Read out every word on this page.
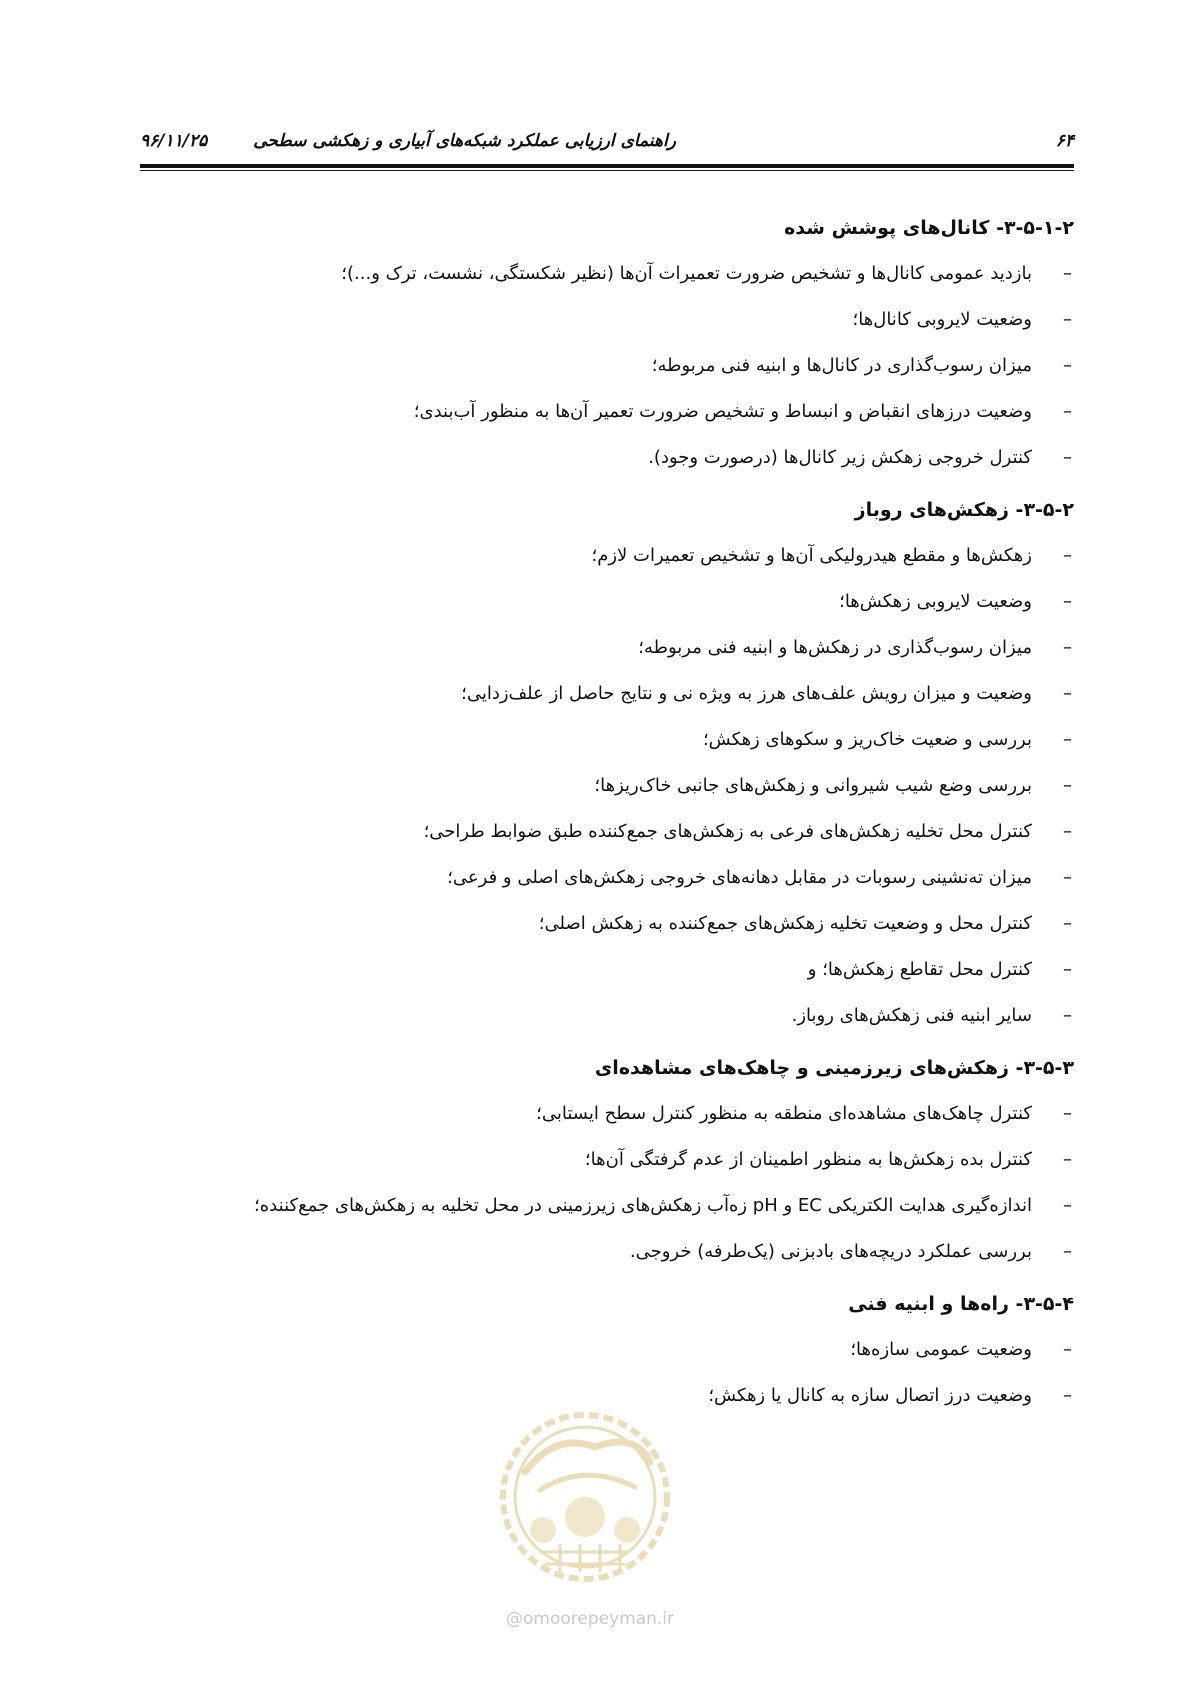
۶۴
راهنمای ارزیابی عملکرد شبکه‌های آبیاری و زهکشی سطحی
۹۶/۱۱/۲۵
۳-۵-۱-۲- کانال‌های پوشش شده
–
بازدید عمومی کانال‌ها و تشخیص ضرورت تعمیرات آن‌ها (نظیر شکستگی، نشست، ترک و...)؛
–
وضعیت لایروبی کانال‌ها؛
–
میزان رسوب‌گذاری در کانال‌ها و ابنیه فنی مربوطه؛
–
وضعیت درزهای انقباض و انبساط و تشخیص ضرورت تعمیر آن‌ها به منظور آب‌بندی؛
–
کنترل خروجی زهکش زیر کانال‌ها (درصورت وجود).
۳-۵-۲- زهکش‌های روباز
–
زهکش‌ها و مقطع هیدرولیکی آن‌ها و تشخیص تعمیرات لازم؛
–
وضعیت لایروبی زهکش‌ها؛
–
میزان رسوب‌گذاری در زهکش‌ها و ابنیه فنی مربوطه؛
–
وضعیت و میزان رویش علف‌های هرز به ویژه نی و نتایج حاصل از علف‌زدایی؛
–
بررسی و ضعیت خاک‌ریز و سکوهای زهکش؛
–
بررسی وضع شیب شیروانی و زهکش‌های جانبی خاک‌ریزها؛
–
کنترل محل تخلیه زهکش‌های فرعی به زهکش‌های جمع‌کننده طبق ضوابط طراحی؛
–
میزان ته‌نشینی رسوبات در مقابل دهانه‌های خروجی زهکش‌های اصلی و فرعی؛
–
کنترل محل و وضعیت تخلیه زهکش‌های جمع‌کننده به زهکش اصلی؛
–
کنترل محل تقاطع زهکش‌ها؛ و
–
سایر ابنیه فنی زهکش‌های روباز.
۳-۵-۳- زهکش‌های زیرزمینی و چاهک‌های مشاهده‌ای
–
کنترل چاهک‌های مشاهده‌ای منطقه به منظور کنترل سطح ایستابی؛
–
کنترل بده زهکش‌ها به منظور اطمینان از عدم گرفتگی آن‌ها؛
–
اندازه‌گیری هدایت الکتریکی EC و pH زه‌آب زهکش‌های زیرزمینی در محل تخلیه به زهکش‌های جمع‌کننده؛
–
بررسی عملکرد دریچه‌های بادبزنی (یک‌طرفه) خروجی.
۳-۵-۴- راه‌ها و ابنیه فنی
–
وضعیت عمومی سازه‌ها؛
–
وضعیت درز اتصال سازه به کانال یا زهکش؛
@omoorepeyman.ir
